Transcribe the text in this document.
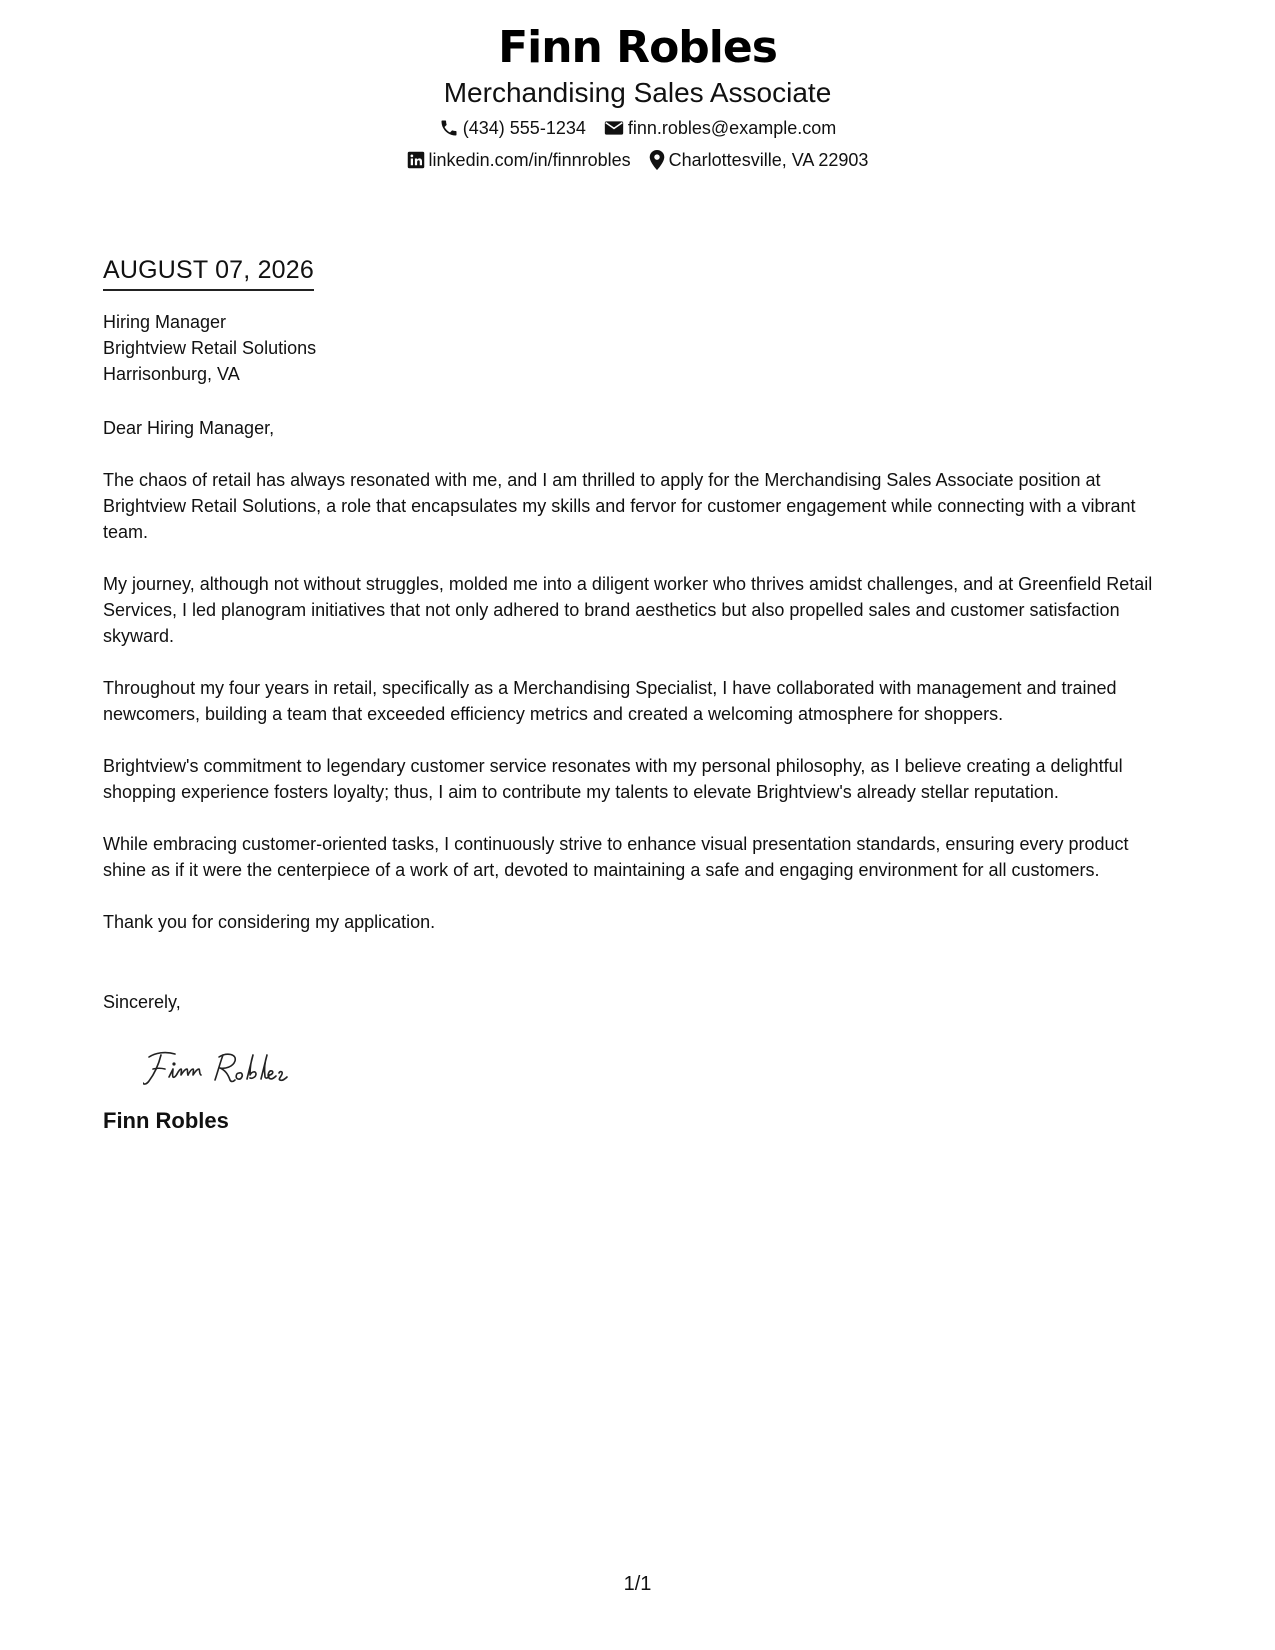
Finn Robles
Merchandising Sales Associate
(434) 555-1234 finn.robles@example.com
linkedin.com/in/finnrobles Charlottesville, VA 22903
AUGUST 07, 2026
Hiring Manager
Brightview Retail Solutions
Harrisonburg, VA
Dear Hiring Manager,
The chaos of retail has always resonated with me, and I am thrilled to apply for the Merchandising Sales Associate position at Brightview Retail Solutions, a role that encapsulates my skills and fervor for customer engagement while connecting with a vibrant team.
My journey, although not without struggles, molded me into a diligent worker who thrives amidst challenges, and at Greenfield Retail Services, I led planogram initiatives that not only adhered to brand aesthetics but also propelled sales and customer satisfaction skyward.
Throughout my four years in retail, specifically as a Merchandising Specialist, I have collaborated with management and trained newcomers, building a team that exceeded efficiency metrics and created a welcoming atmosphere for shoppers.
Brightview's commitment to legendary customer service resonates with my personal philosophy, as I believe creating a delightful shopping experience fosters loyalty; thus, I aim to contribute my talents to elevate Brightview's already stellar reputation.
While embracing customer-oriented tasks, I continuously strive to enhance visual presentation standards, ensuring every product shine as if it were the centerpiece of a work of art, devoted to maintaining a safe and engaging environment for all customers.
Thank you for considering my application.
Sincerely,
Finn Robles
1/1
